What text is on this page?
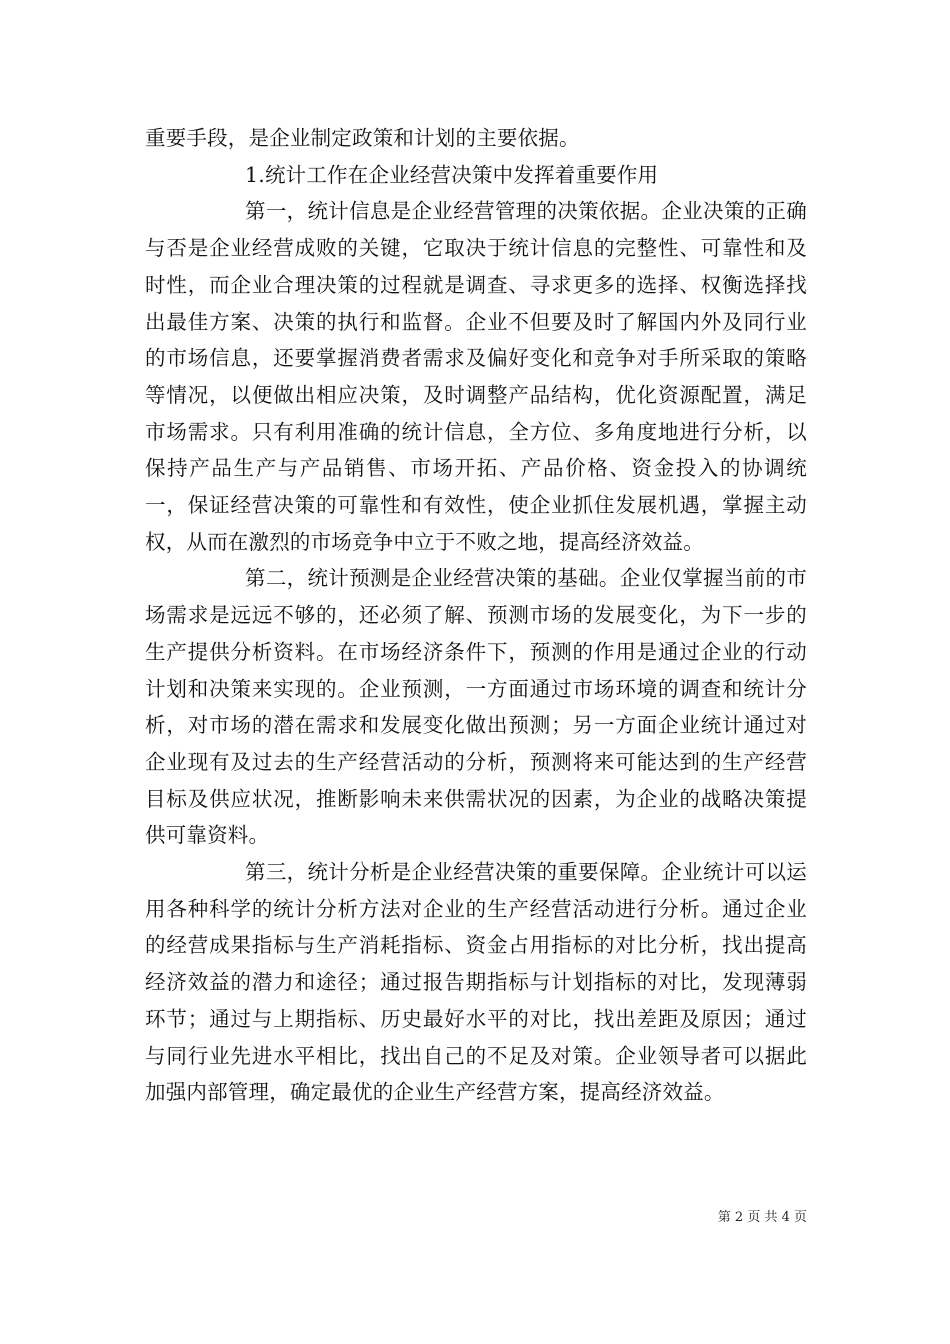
重要手段，是企业制定政策和计划的主要依据。

1.统计工作在企业经营决策中发挥着重要作用

第一，统计信息是企业经营管理的决策依据。企业决策的正确与否是企业经营成败的关键，它取决于统计信息的完整性、可靠性和及时性，而企业合理决策的过程就是调查、寻求更多的选择、权衡选择找出最佳方案、决策的执行和监督。企业不但要及时了解国内外及同行业的市场信息，还要掌握消费者需求及偏好变化和竞争对手所采取的策略等情况，以便做出相应决策，及时调整产品结构，优化资源配置，满足市场需求。只有利用准确的统计信息，全方位、多角度地进行分析，以保持产品生产与产品销售、市场开拓、产品价格、资金投入的协调统一，保证经营决策的可靠性和有效性，使企业抓住发展机遇，掌握主动权，从而在激烈的市场竞争中立于不败之地，提高经济效益。

第二，统计预测是企业经营决策的基础。企业仅掌握当前的市场需求是远远不够的，还必须了解、预测市场的发展变化，为下一步的生产提供分析资料。在市场经济条件下，预测的作用是通过企业的行动计划和决策来实现的。企业预测，一方面通过市场环境的调查和统计分析，对市场的潜在需求和发展变化做出预测；另一方面企业统计通过对企业现有及过去的生产经营活动的分析，预测将来可能达到的生产经营目标及供应状况，推断影响未来供需状况的因素，为企业的战略决策提供可靠资料。

第三，统计分析是企业经营决策的重要保障。企业统计可以运用各种科学的统计分析方法对企业的生产经营活动进行分析。通过企业的经营成果指标与生产消耗指标、资金占用指标的对比分析，找出提高经济效益的潜力和途径；通过报告期指标与计划指标的对比，发现薄弱环节；通过与上期指标、历史最好水平的对比，找出差距及原因；通过与同行业先进水平相比，找出自己的不足及对策。企业领导者可以据此加强内部管理，确定最优的企业生产经营方案，提高经济效益。

第 2 页 共 4 页
